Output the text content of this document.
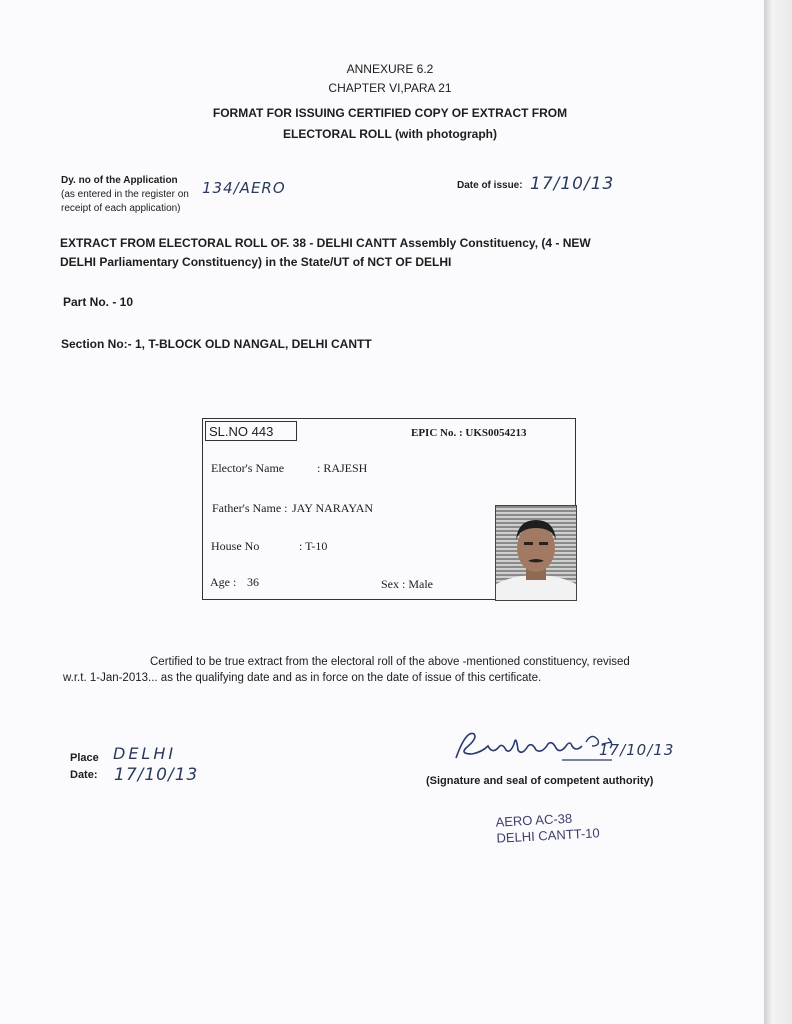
ANNEXURE 6.2
CHAPTER VI,PARA 21
FORMAT FOR ISSUING CERTIFIED COPY OF EXTRACT FROM
ELECTORAL ROLL (with photograph)
Dy. no of the Application
(as entered in the register on
receipt of each application)
134/AERO	Date of issue: 17/10/13
EXTRACT FROM ELECTORAL ROLL OF. 38 - DELHI CANTT Assembly Constituency, (4 - NEW
DELHI Parliamentary Constituency) in the State/UT of NCT OF DELHI
Part No. - 10
Section No:- 1, T-BLOCK OLD NANGAL, DELHI CANTT
SL.NO 443	EPIC No. : UKS0054213
Elector's Name	: RAJESH
Father's Name : JAY NARAYAN
House No	: T-10
Age : 36	Sex : Male
Certified to be true extract from the electoral roll of the above -mentioned constituency, revised
w.r.t. 1-Jan-2013... as the qualifying date and as in force on the date of issue of this certificate.
Place DELHI
Date: 17/10/13
17/10/13
(Signature and seal of competent authority)
AERO AC-38
DELHI CANTT-10
